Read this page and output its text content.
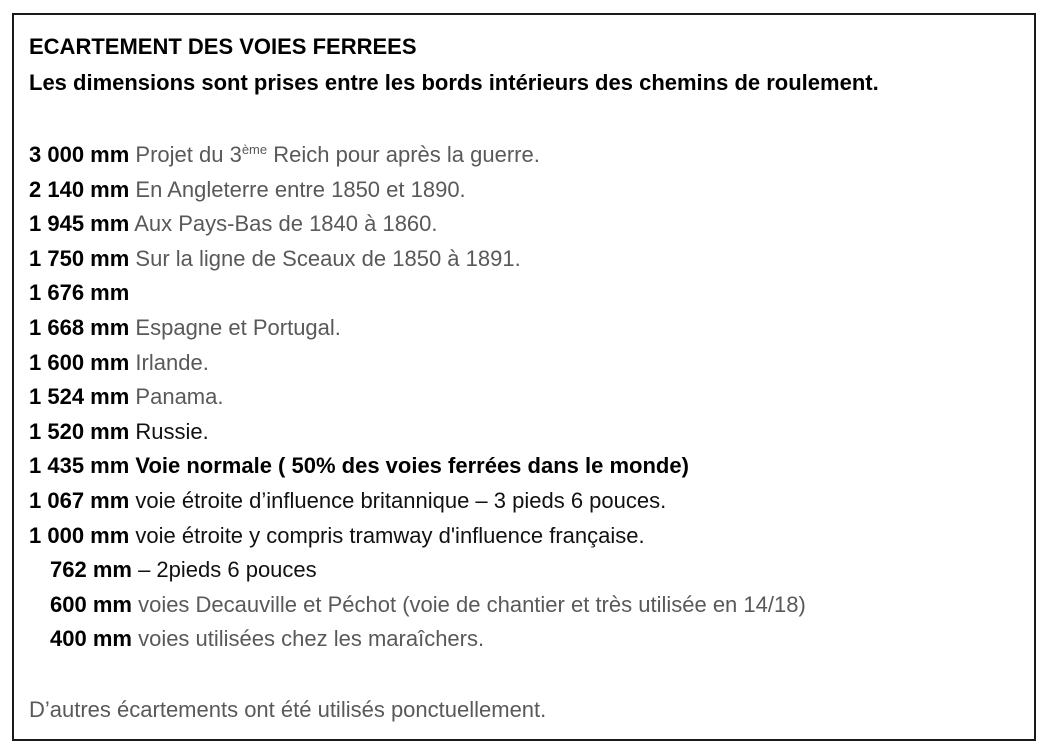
ECARTEMENT DES VOIES FERREES
Les dimensions sont prises entre les bords intérieurs des chemins de roulement.
3 000 mm Projet du 3ème Reich pour après la guerre.
2 140 mm En Angleterre entre 1850 et 1890.
1 945 mm Aux Pays-Bas de 1840 à 1860.
1 750 mm Sur la ligne de Sceaux de 1850 à 1891.
1 676 mm
1 668 mm Espagne et Portugal.
1 600 mm Irlande.
1 524 mm Panama.
1 520 mm Russie.
1 435 mm Voie normale ( 50% des voies ferrées dans le monde)
1 067 mm voie étroite d’influence britannique – 3 pieds 6 pouces.
1 000 mm voie étroite y compris tramway d'influence française.
762 mm – 2pieds 6 pouces
600 mm voies Decauville et Péchot (voie de chantier et très utilisée en 14/18)
400 mm voies utilisées chez les maraîchers.
D’autres écartements ont été utilisés ponctuellement.
